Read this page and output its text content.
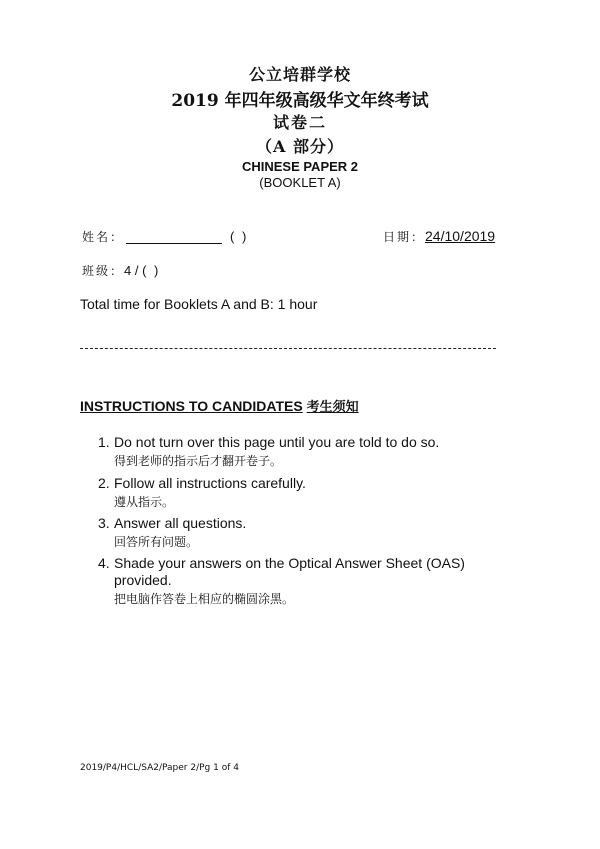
公立培群学校
2019 年四年级高级华文年终考试
试卷二
（A 部分）
CHINESE PAPER 2
(BOOKLET A)
姓名：	( )	日期：24/10/2019
班级：4 / ( )
Total time for Booklets A and B: 1 hour
INSTRUCTIONS TO CANDIDATES 考生须知
1. Do not turn over this page until you are told to do so.
得到老师的指示后才翻开卷子。
2. Follow all instructions carefully.
遵从指示。
3. Answer all questions.
回答所有问题。
4. Shade your answers on the Optical Answer Sheet (OAS)
provided.
把电脑作答卷上相应的椭圆涂黑。
2019/P4/HCL/SA2/Paper 2/Pg 1 of 4
